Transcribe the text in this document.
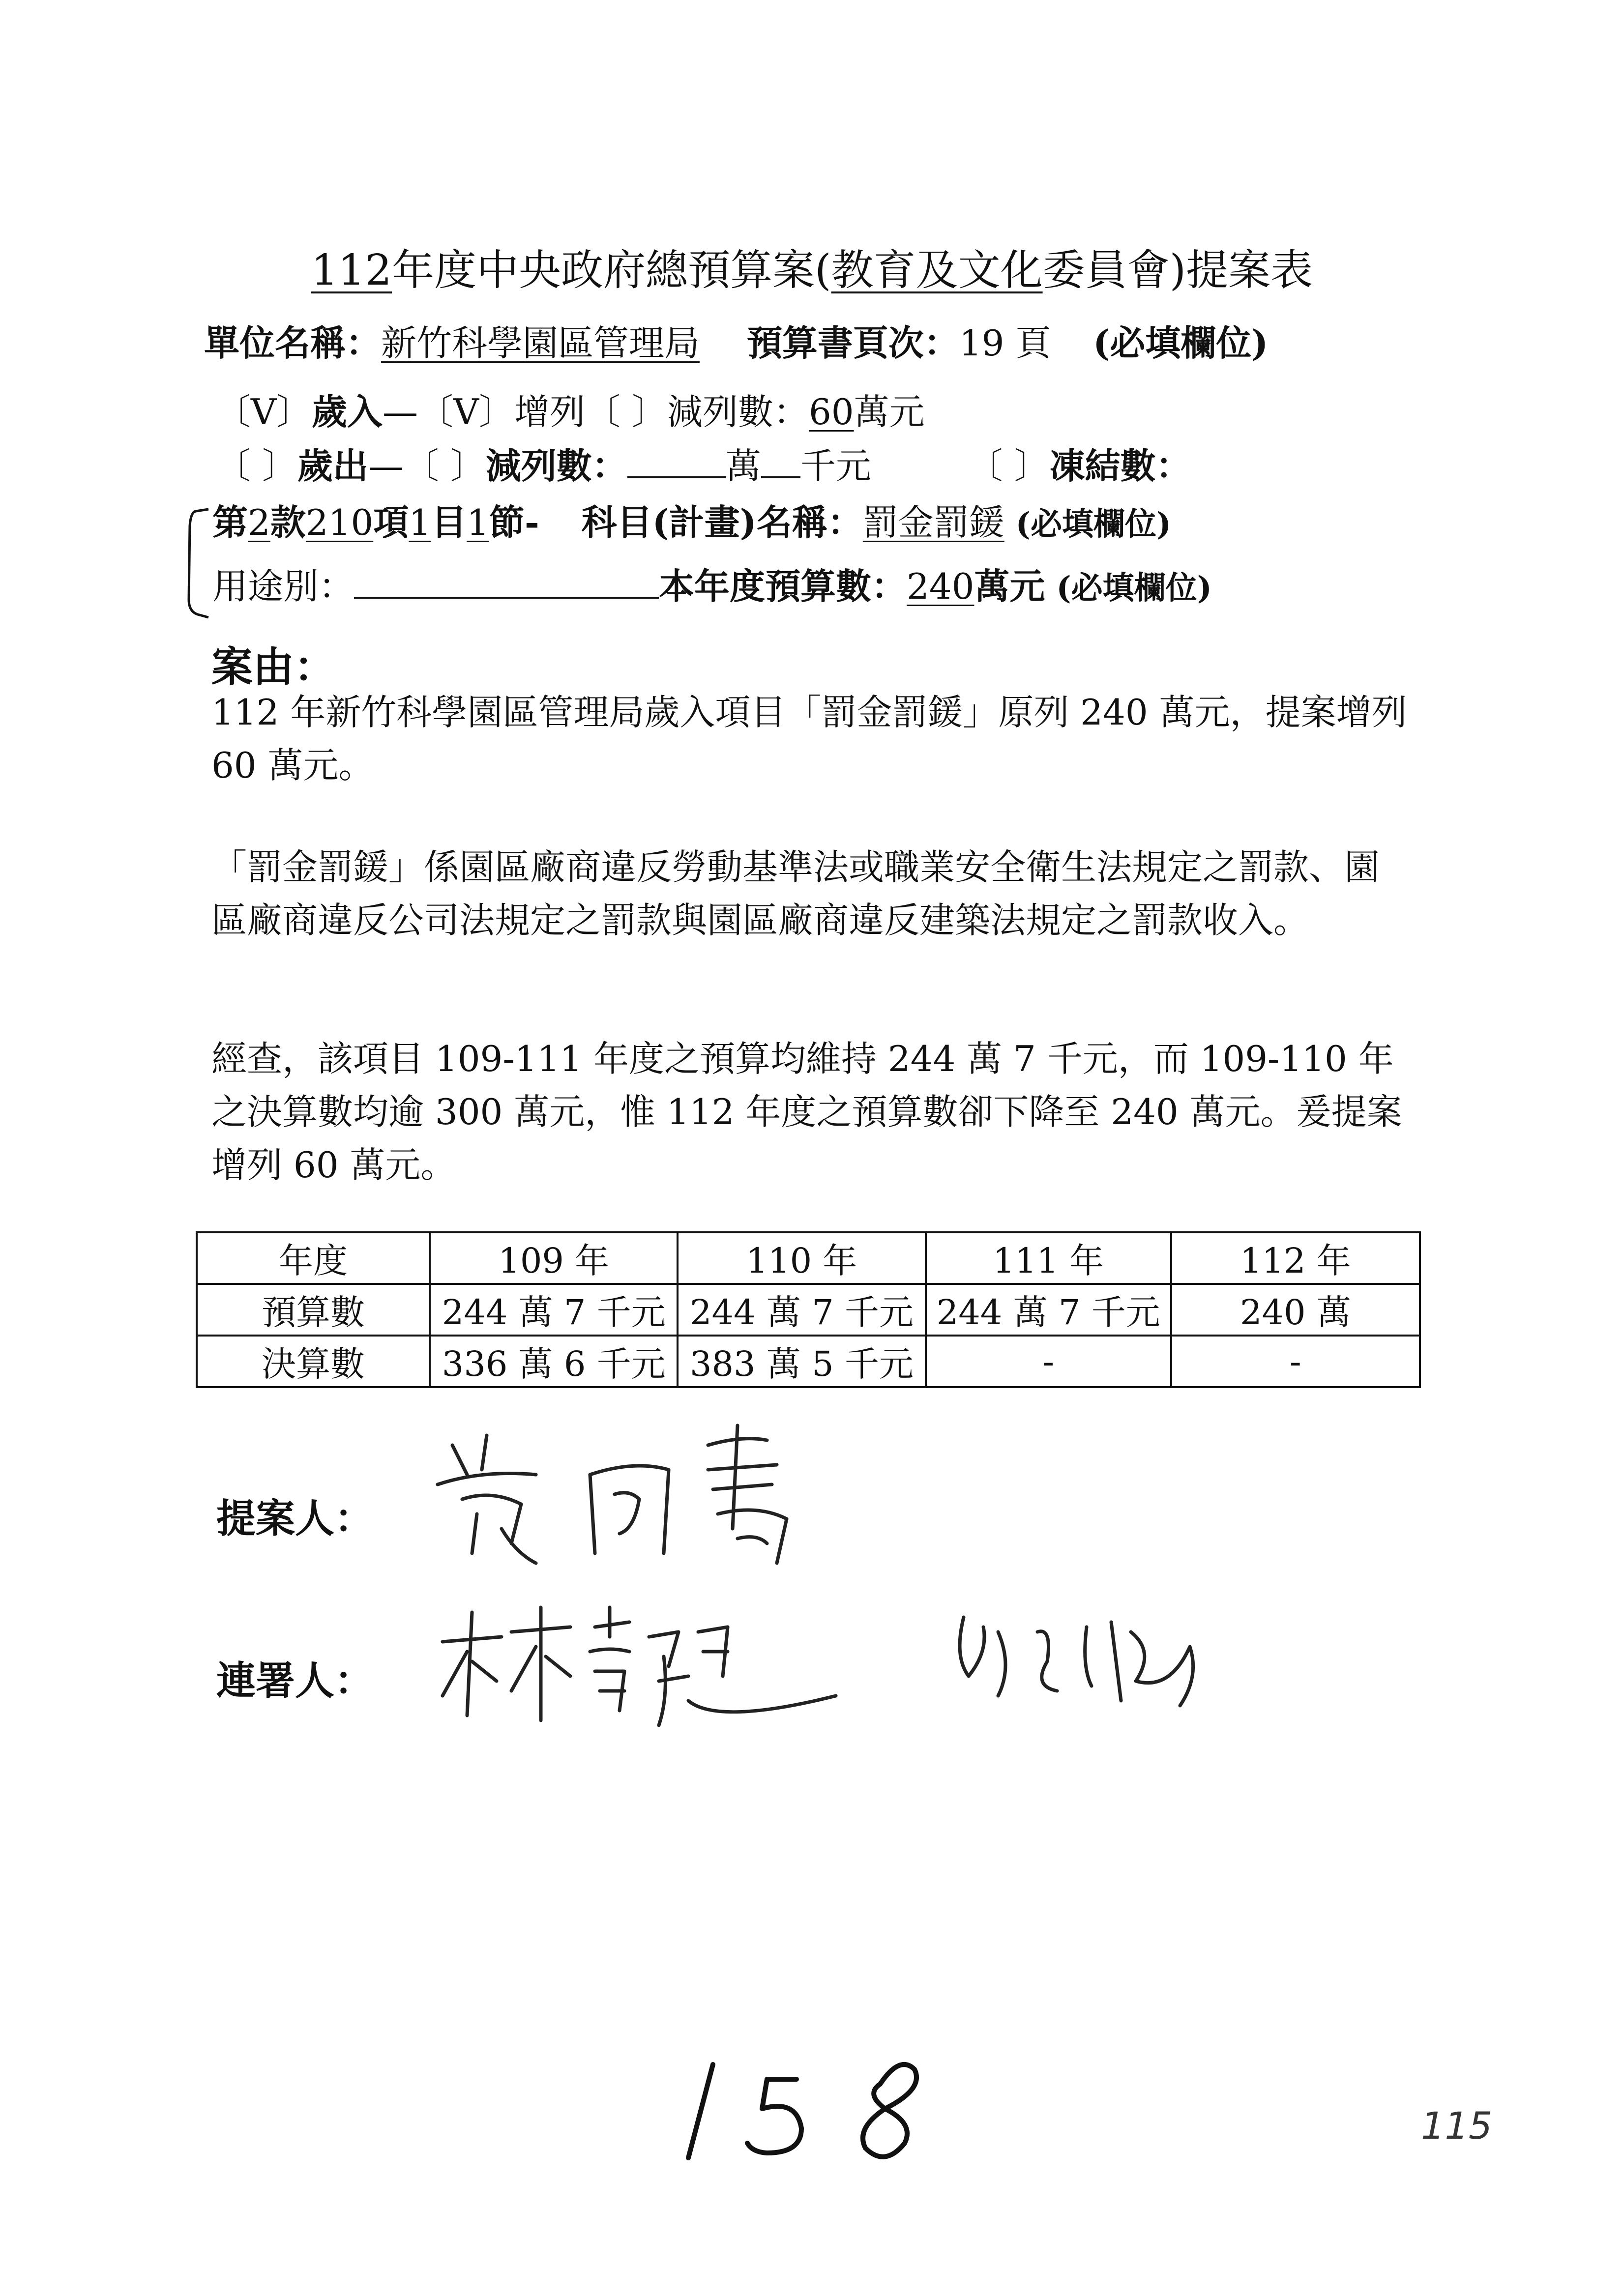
112年度中央政府總預算案(教育及文化委員會)提案表
單位名稱：新竹科學園區管理局 預算書頁次：19 頁 (必填欄位)
〔V〕歲入—〔V〕增列〔 〕減列數：60萬元
〔 〕歲出—〔 〕減列數：	萬 千元	〔 〕凍結數：
第2款210項1目1節- 科目(計畫)名稱：罰金罰鍰 (必填欄位)
用途別：	本年度預算數：240萬元 (必填欄位)
案由：
112 年新竹科學園區管理局歲入項目「罰金罰鍰」原列 240 萬元，提案增列 60 萬元。
「罰金罰鍰」係園區廠商違反勞動基準法或職業安全衛生法規定之罰款、園區廠商違反公司法規定之罰款與園區廠商違反建築法規定之罰款收入。
經查，該項目 109-111 年度之預算均維持 244 萬 7 千元，而 109-110 年之決算數均逾 300 萬元，惟 112 年度之預算數卻下降至 240 萬元。爰提案增列 60 萬元。
年度	109 年	110 年	111 年	112 年
預算數	244 萬 7 千元	244 萬 7 千元	244 萬 7 千元	240 萬
決算數	336 萬 6 千元	383 萬 5 千元	-	-
提案人：
連署人：
115
